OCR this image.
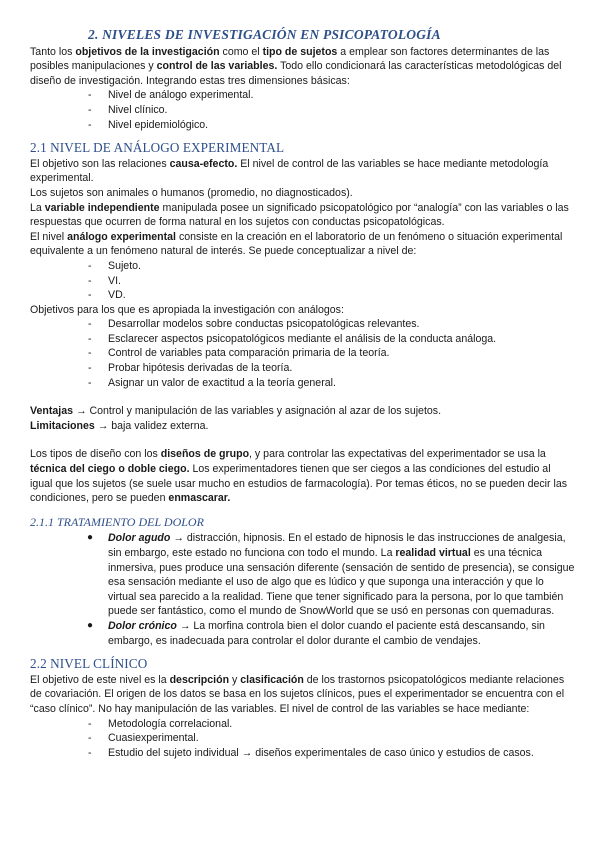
2. NIVELES DE INVESTIGACIÓN EN PSICOPATOLOGÍA

Tanto los objetivos de la investigación como el tipo de sujetos a emplear son factores determinantes de las posibles manipulaciones y control de las variables. Todo ello condicionará las características metodológicas del diseño de investigación. Integrando estas tres dimensiones básicas:

- Nivel de análogo experimental.
- Nivel clínico.
- Nivel epidemiológico.
2.1 NIVEL DE ANÁLOGO EXPERIMENTAL

El objetivo son las relaciones causa-efecto. El nivel de control de las variables se hace mediante metodología experimental.

Los sujetos son animales o humanos (promedio, no diagnosticados).

La variable independiente manipulada posee un significado psicopatológico por “analogía” con las variables o las respuestas que ocurren de forma natural en los sujetos con conductas psicopatológicas.

El nivel análogo experimental consiste en la creación en el laboratorio de un fenómeno o situación experimental equivalente a un fenómeno natural de interés. Se puede conceptualizar a nivel de:

- Sujeto.
- VI.
- VD.

Objetivos para los que es apropiada la investigación con análogos:

- Desarrollar modelos sobre conductas psicopatológicas relevantes.
- Esclarecer aspectos psicopatológicos mediante el análisis de la conducta análoga.
- Control de variables pata comparación primaria de la teoría.
- Probar hipótesis derivadas de la teoría.
- Asignar un valor de exactitud a la teoría general.

Ventajas → Control y manipulación de las variables y asignación al azar de los sujetos.

Limitaciones → baja validez externa.

Los tipos de diseño con los diseños de grupo, y para controlar las expectativas del experimentador se usa la técnica del ciego o doble ciego. Los experimentadores tienen que ser ciegos a las condiciones del estudio al igual que los sujetos (se suele usar mucho en estudios de farmacología). Por temas éticos, no se pueden decir las condiciones, pero se pueden enmascarar.

2.1.1 TRATAMIENTO DEL DOLOR
● Dolor agudo → distracción, hipnosis. En el estado de hipnosis le das instrucciones de analgesia, sin embargo, este estado no funciona con todo el mundo. La realidad virtual es una técnica inmersiva, pues produce una sensación diferente (sensación de sentido de presencia), se consigue esa sensación mediante el uso de algo que es lúdico y que suponga una interacción y que lo virtual sea parecido a la realidad. Tiene que tener significado para la persona, por lo que también puede ser fantástico, como el mundo de SnowWorld que se usó en personas con quemaduras.
● Dolor crónico → La morfina controla bien el dolor cuando el paciente está descansando, sin embargo, es inadecuada para controlar el dolor durante el cambio de vendajes.
2.2 NIVEL CLÍNICO

El objetivo de este nivel es la descripción y clasificación de los trastornos psicopatológicos mediante relaciones de covariación. El origen de los datos se basa en los sujetos clínicos, pues el experimentador se encuentra con el “caso clínico”. No hay manipulación de las variables. El nivel de control de las variables se hace mediante:

- Metodología correlacional.
- Cuasiexperimental.
- Estudio del sujeto individual → diseños experimentales de caso único y estudios de casos.
